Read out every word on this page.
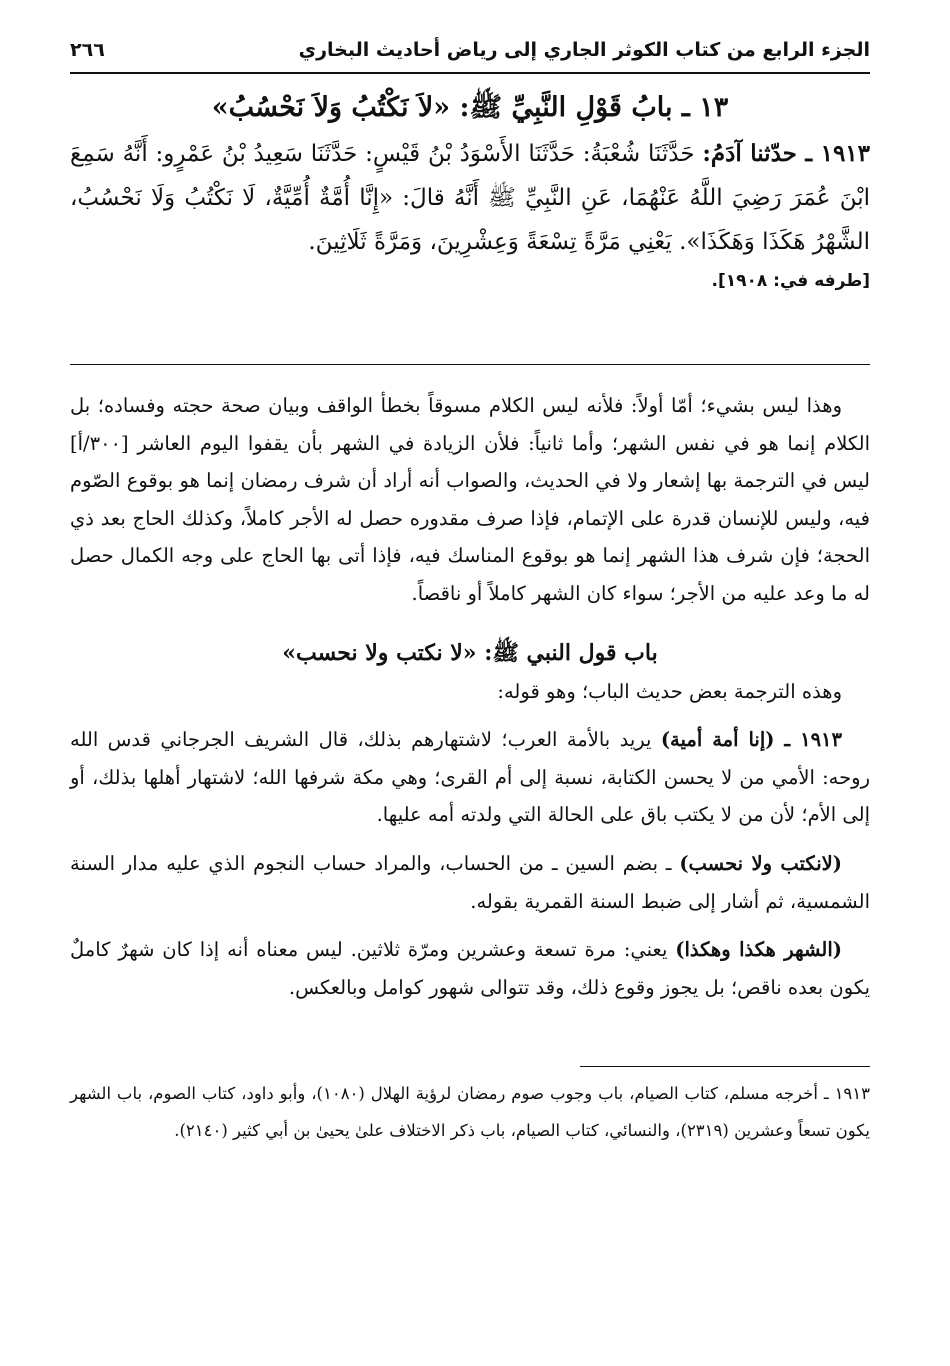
الجزء الرابع من كتاب الكوثر الجاري إلى رياض أحاديث البخاري
٢٦٦
١٣ ـ بابُ قَوْلِ النَّبِيِّ ﷺ: «لاَ نَكْتُبُ وَلاَ نَحْسُبُ»
١٩١٣ ـ حدّثنا آدَمُ: حَدَّثَنَا شُعْبَةُ: حَدَّثَنَا الأَسْوَدُ بْنُ قَيْسٍ: حَدَّثَنَا سَعِيدُ بْنُ عَمْرٍو: أَنَّهُ سَمِعَ ابْنَ عُمَرَ رَضِيَ اللَّهُ عَنْهُمَا، عَنِ النَّبِيِّ ﷺ أَنَّهُ قالَ: «إِنَّا أُمَّةٌ أُمِّيَّةٌ، لَا نَكْتُبُ وَلَا نَحْسُبُ، الشَّهْرُ هَكَذَا وَهَكَذَا». يَعْنِي مَرَّةً تِسْعَةً وَعِشْرِينَ، وَمَرَّةً ثَلَاثِينَ.
[طرفه في: ١٩٠٨].

وهذا ليس بشيء؛ أمّا أولاً: فلأنه ليس الكلام مسوقاً بخطأ الواقف وبيان صحة حجته وفساده؛ بل الكلام إنما هو في نفس الشهر؛ وأما ثانياً: فلأن الزيادة في الشهر بأن يقفوا اليوم العاشر [٣٠٠/أ] ليس في الترجمة بها إشعار ولا في الحديث، والصواب أنه أراد أن شرف رمضان إنما هو بوقوع الصّوم فيه، وليس للإنسان قدرة على الإتمام، فإذا صرف مقدوره حصل له الأجر كاملاً، وكذلك الحاج بعد ذي الحجة؛ فإن شرف هذا الشهر إنما هو بوقوع المناسك فيه، فإذا أتى بها الحاج على وجه الكمال حصل له ما وعد عليه من الأجر؛ سواء كان الشهر كاملاً أو ناقصاً.

باب قول النبي ﷺ: «لا نكتب ولا نحسب»

وهذه الترجمة بعض حديث الباب؛ وهو قوله:

١٩١٣ ـ (إنا أمة أمية) يريد بالأمة العرب؛ لاشتهارهم بذلك، قال الشريف الجرجاني قدس الله روحه: الأمي من لا يحسن الكتابة، نسبة إلى أم القرى؛ وهي مكة شرفها الله؛ لاشتهار أهلها بذلك، أو إلى الأم؛ لأن من لا يكتب باق على الحالة التي ولدته أمه عليها.

(لانكتب ولا نحسب) ـ بضم السين ـ من الحساب، والمراد حساب النجوم الذي عليه مدار السنة الشمسية، ثم أشار إلى ضبط السنة القمرية بقوله.

(الشهر هكذا وهكذا) يعني: مرة تسعة وعشرين ومرّة ثلاثين. ليس معناه أنه إذا كان شهرٌ كاملٌ يكون بعده ناقص؛ بل يجوز وقوع ذلك، وقد تتوالى شهور كوامل وبالعكس.

١٩١٣ ـ أخرجه مسلم، كتاب الصيام، باب وجوب صوم رمضان لرؤية الهلال (١٠٨٠)، وأبو داود، كتاب الصوم، باب الشهر يكون تسعاً وعشرين (٢٣١٩)، والنسائي، كتاب الصيام، باب ذكر الاختلاف علىٰ يحيىٰ بن أبي كثير (٢١٤٠).
